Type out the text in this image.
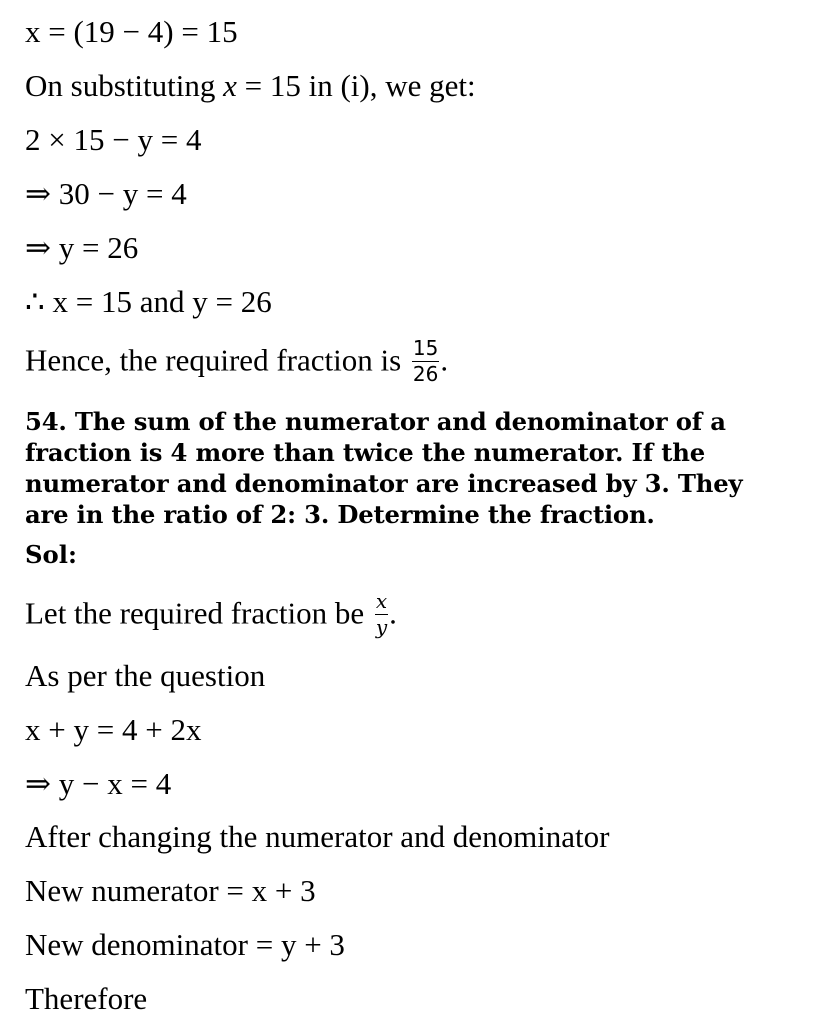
x = (19 − 4) = 15
On substituting x = 15 in (i), we get:
2 × 15 − y = 4
⇒ 30 − y = 4
⇒ y = 26
∴ x = 15 and y = 26
Hence, the required fraction is $\frac{15}{26}$ .
54. The sum of the numerator and denominator of a
fraction is 4 more than twice the numerator. If the
numerator and denominator are increased by 3. They
are in the ratio of 2: 3. Determine the fraction.
Sol:
Let the required fraction be $\frac{x}{y}$ .
As per the question
x + y = 4 + 2x
⇒ y − x = 4
After changing the numerator and denominator
New numerator = x + 3
New denominator = y + 3
Therefore
